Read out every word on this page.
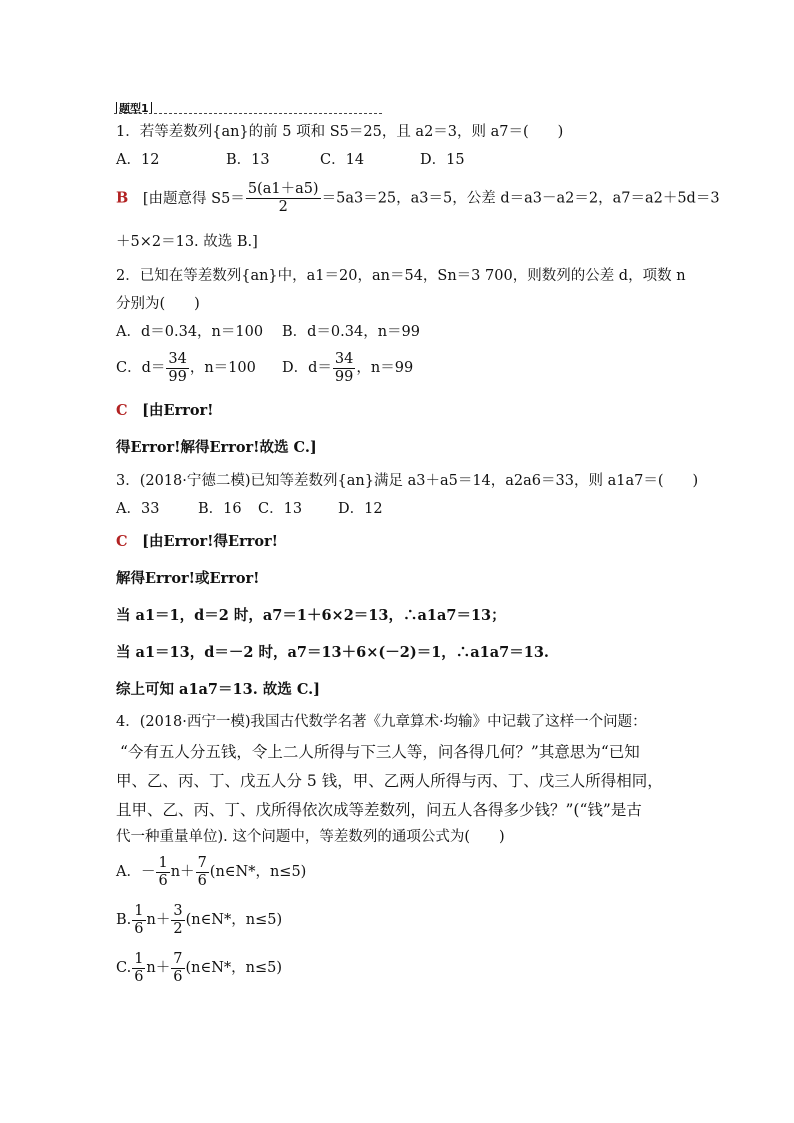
题型1
1．若等差数列{an}的前 5 项和 S5＝25，且 a2＝3，则 a7＝(　　)
A．12	B．13	C．14	D．15
B [由题意得 $S5= \frac{5(a1+a5)}{2} =5a3=25$，a3＝5，公差 d＝a3－a2＝2，a7＝a2＋5d＝3
＋5×2＝13. 故选 B.]
2．已知在等差数列{an}中，a1＝20，an＝54，Sn＝3 700，则数列的公差 d，项数 n
分别为(　　)
A．d＝0.34，n＝100 B．d＝0.34，n＝99
C．$d= \frac{34}{99}$ ，n＝100 D．$d= \frac{34}{99}$ ，n＝99
C [由Error!
得Error!解得Error!故选 C.]
3．(2018·宁德二模)已知等差数列{an}满足 a3＋a5＝14，a2a6＝33，则 a1a7＝(　　)
A．33	B．16 C．13 D．12
C [由Error!得Error!
解得Error!或Error!
当 a1＝1，d＝2 时，a7＝1＋6×2＝13，∴a1a7＝13；
当 a1＝13，d＝－2 时，a7＝13＋6×(－2)＝1，∴a1a7＝13.
综上可知 a1a7＝13. 故选 C.]
4．(2018·西宁一模)我国古代数学名著《九章算术·均输》中记载了这样一个问题：
“今有五人分五钱，令上二人所得与下三人等，问各得几何？”其意思为“已知
甲、乙、丙、丁、戊五人分 5 钱，甲、乙两人所得与丙、丁、戊三人所得相同，
且甲、乙、丙、丁、戊所得依次成等差数列，问五人各得多少钱？”(“钱”是古
代一种重量单位). 这个问题中，等差数列的通项公式为(　　)
A．－ $\frac{1}{6} n+ \frac{7}{6}$ (n∈N*，n≤5)
B. $\frac{1}{6} n+ \frac{3}{2}$ (n∈N*，n≤5)
C. $\frac{1}{6} n+ \frac{7}{6}$ (n∈N*，n≤5)
